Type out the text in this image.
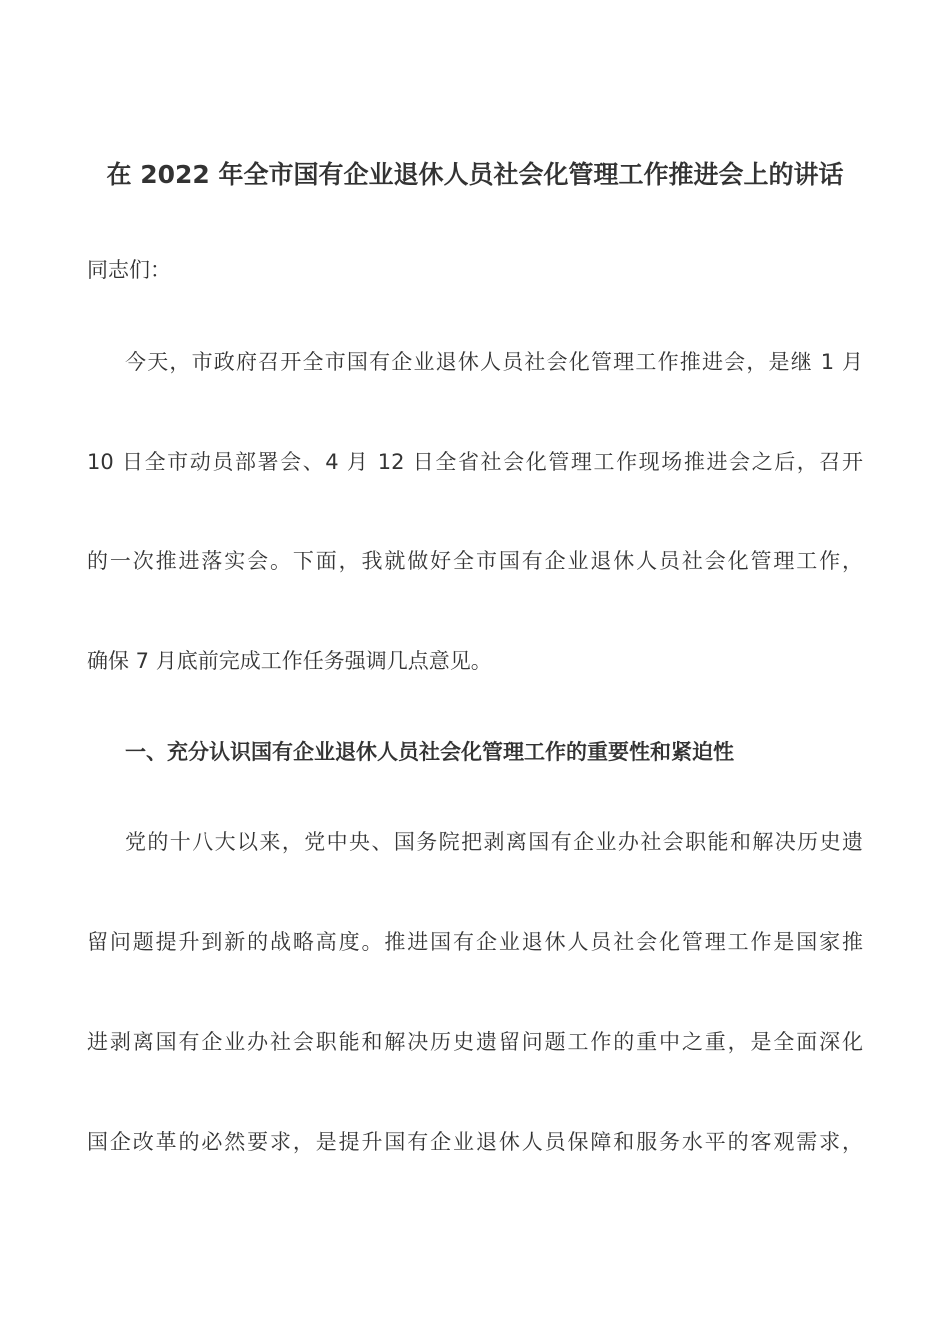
在 2022 年全市国有企业退休人员社会化管理工作推进会上的讲话
同志们：
今天，市政府召开全市国有企业退休人员社会化管理工作推进会，是继 1 月
10 日全市动员部署会、4 月 12 日全省社会化管理工作现场推进会之后，召开
的一次推进落实会。下面，我就做好全市国有企业退休人员社会化管理工作，
确保 7 月底前完成工作任务强调几点意见。
一、充分认识国有企业退休人员社会化管理工作的重要性和紧迫性
党的十八大以来，党中央、国务院把剥离国有企业办社会职能和解决历史遗
留问题提升到新的战略高度。推进国有企业退休人员社会化管理工作是国家推
进剥离国有企业办社会职能和解决历史遗留问题工作的重中之重，是全面深化
国企改革的必然要求，是提升国有企业退休人员保障和服务水平的客观需求，
